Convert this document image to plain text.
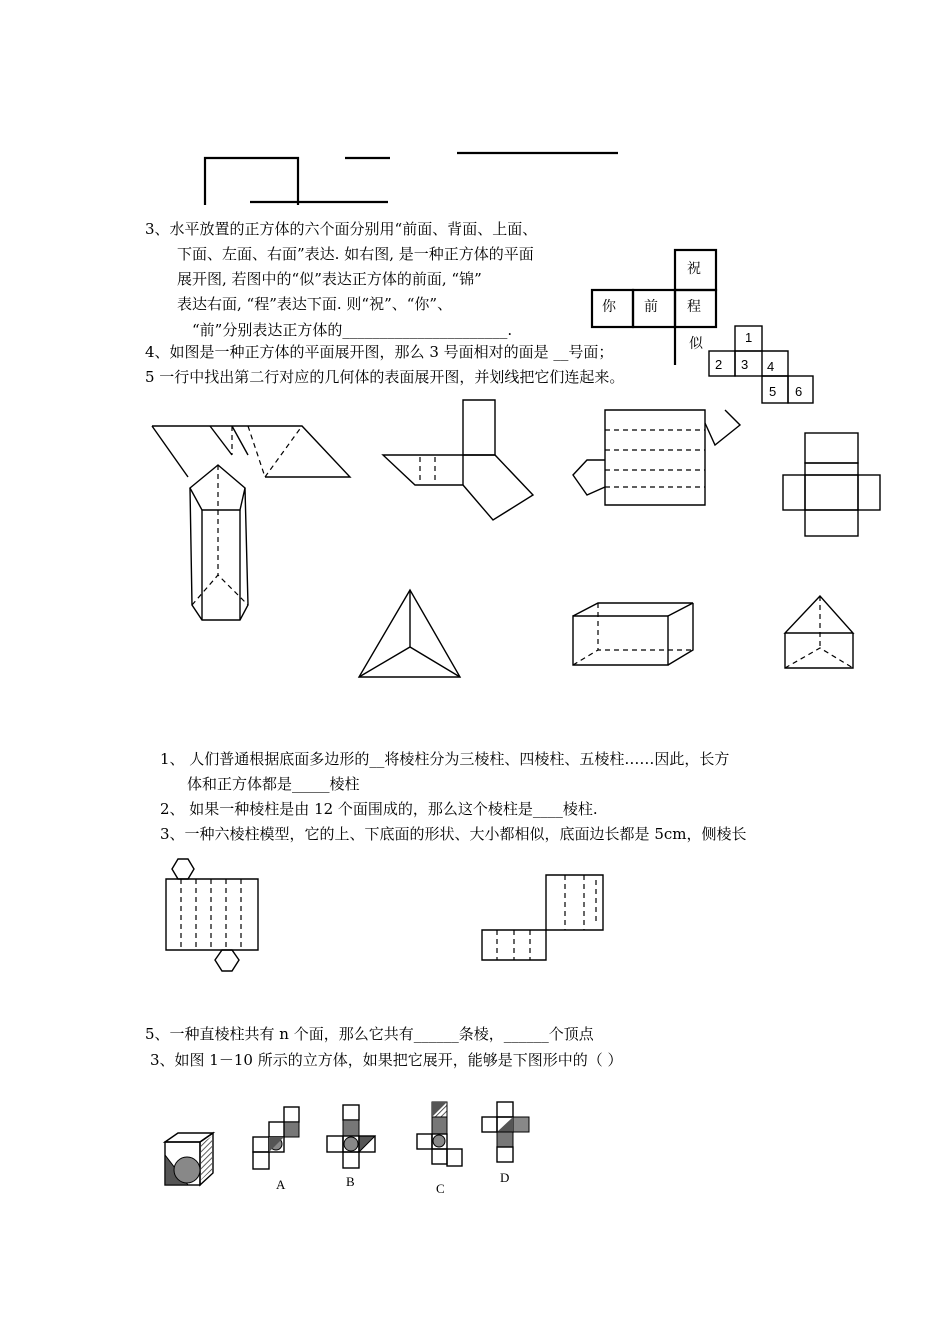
3、水平放置的正方体的六个面分别用“前面、背面、上面、
下面、左面、右面”表达. 如右图, 是一种正方体的平面
展开图, 若图中的“似”表达正方体的前面, “锦”
表达右面, “程”表达下面. 则“祝”、“你”、
“前”分别表达正方体的______________________.
祝
你 前 程
似	1
2 3 4
5 6
4、如图是一种正方体的平面展开图，那么 3 号面相对的面是 __号面；
5 一行中找出第二行对应的几何体的表面展开图，并划线把它们连起来。
1、 人们普通根据底面多边形的__将棱柱分为三棱柱、四棱柱、五棱柱……因此，长方
体和正方体都是_____棱柱
2、 如果一种棱柱是由 12 个面围成的，那么这个棱柱是____棱柱.
3、一种六棱柱模型，它的上、下底面的形状、大小都相似，底面边长都是 5cm，侧棱长
5、一种直棱柱共有 n 个面，那么它共有______条棱，______个顶点
3、如图 1－10 所示的立方体，如果把它展开，能够是下图形中的（ ）
A	B	C
D
